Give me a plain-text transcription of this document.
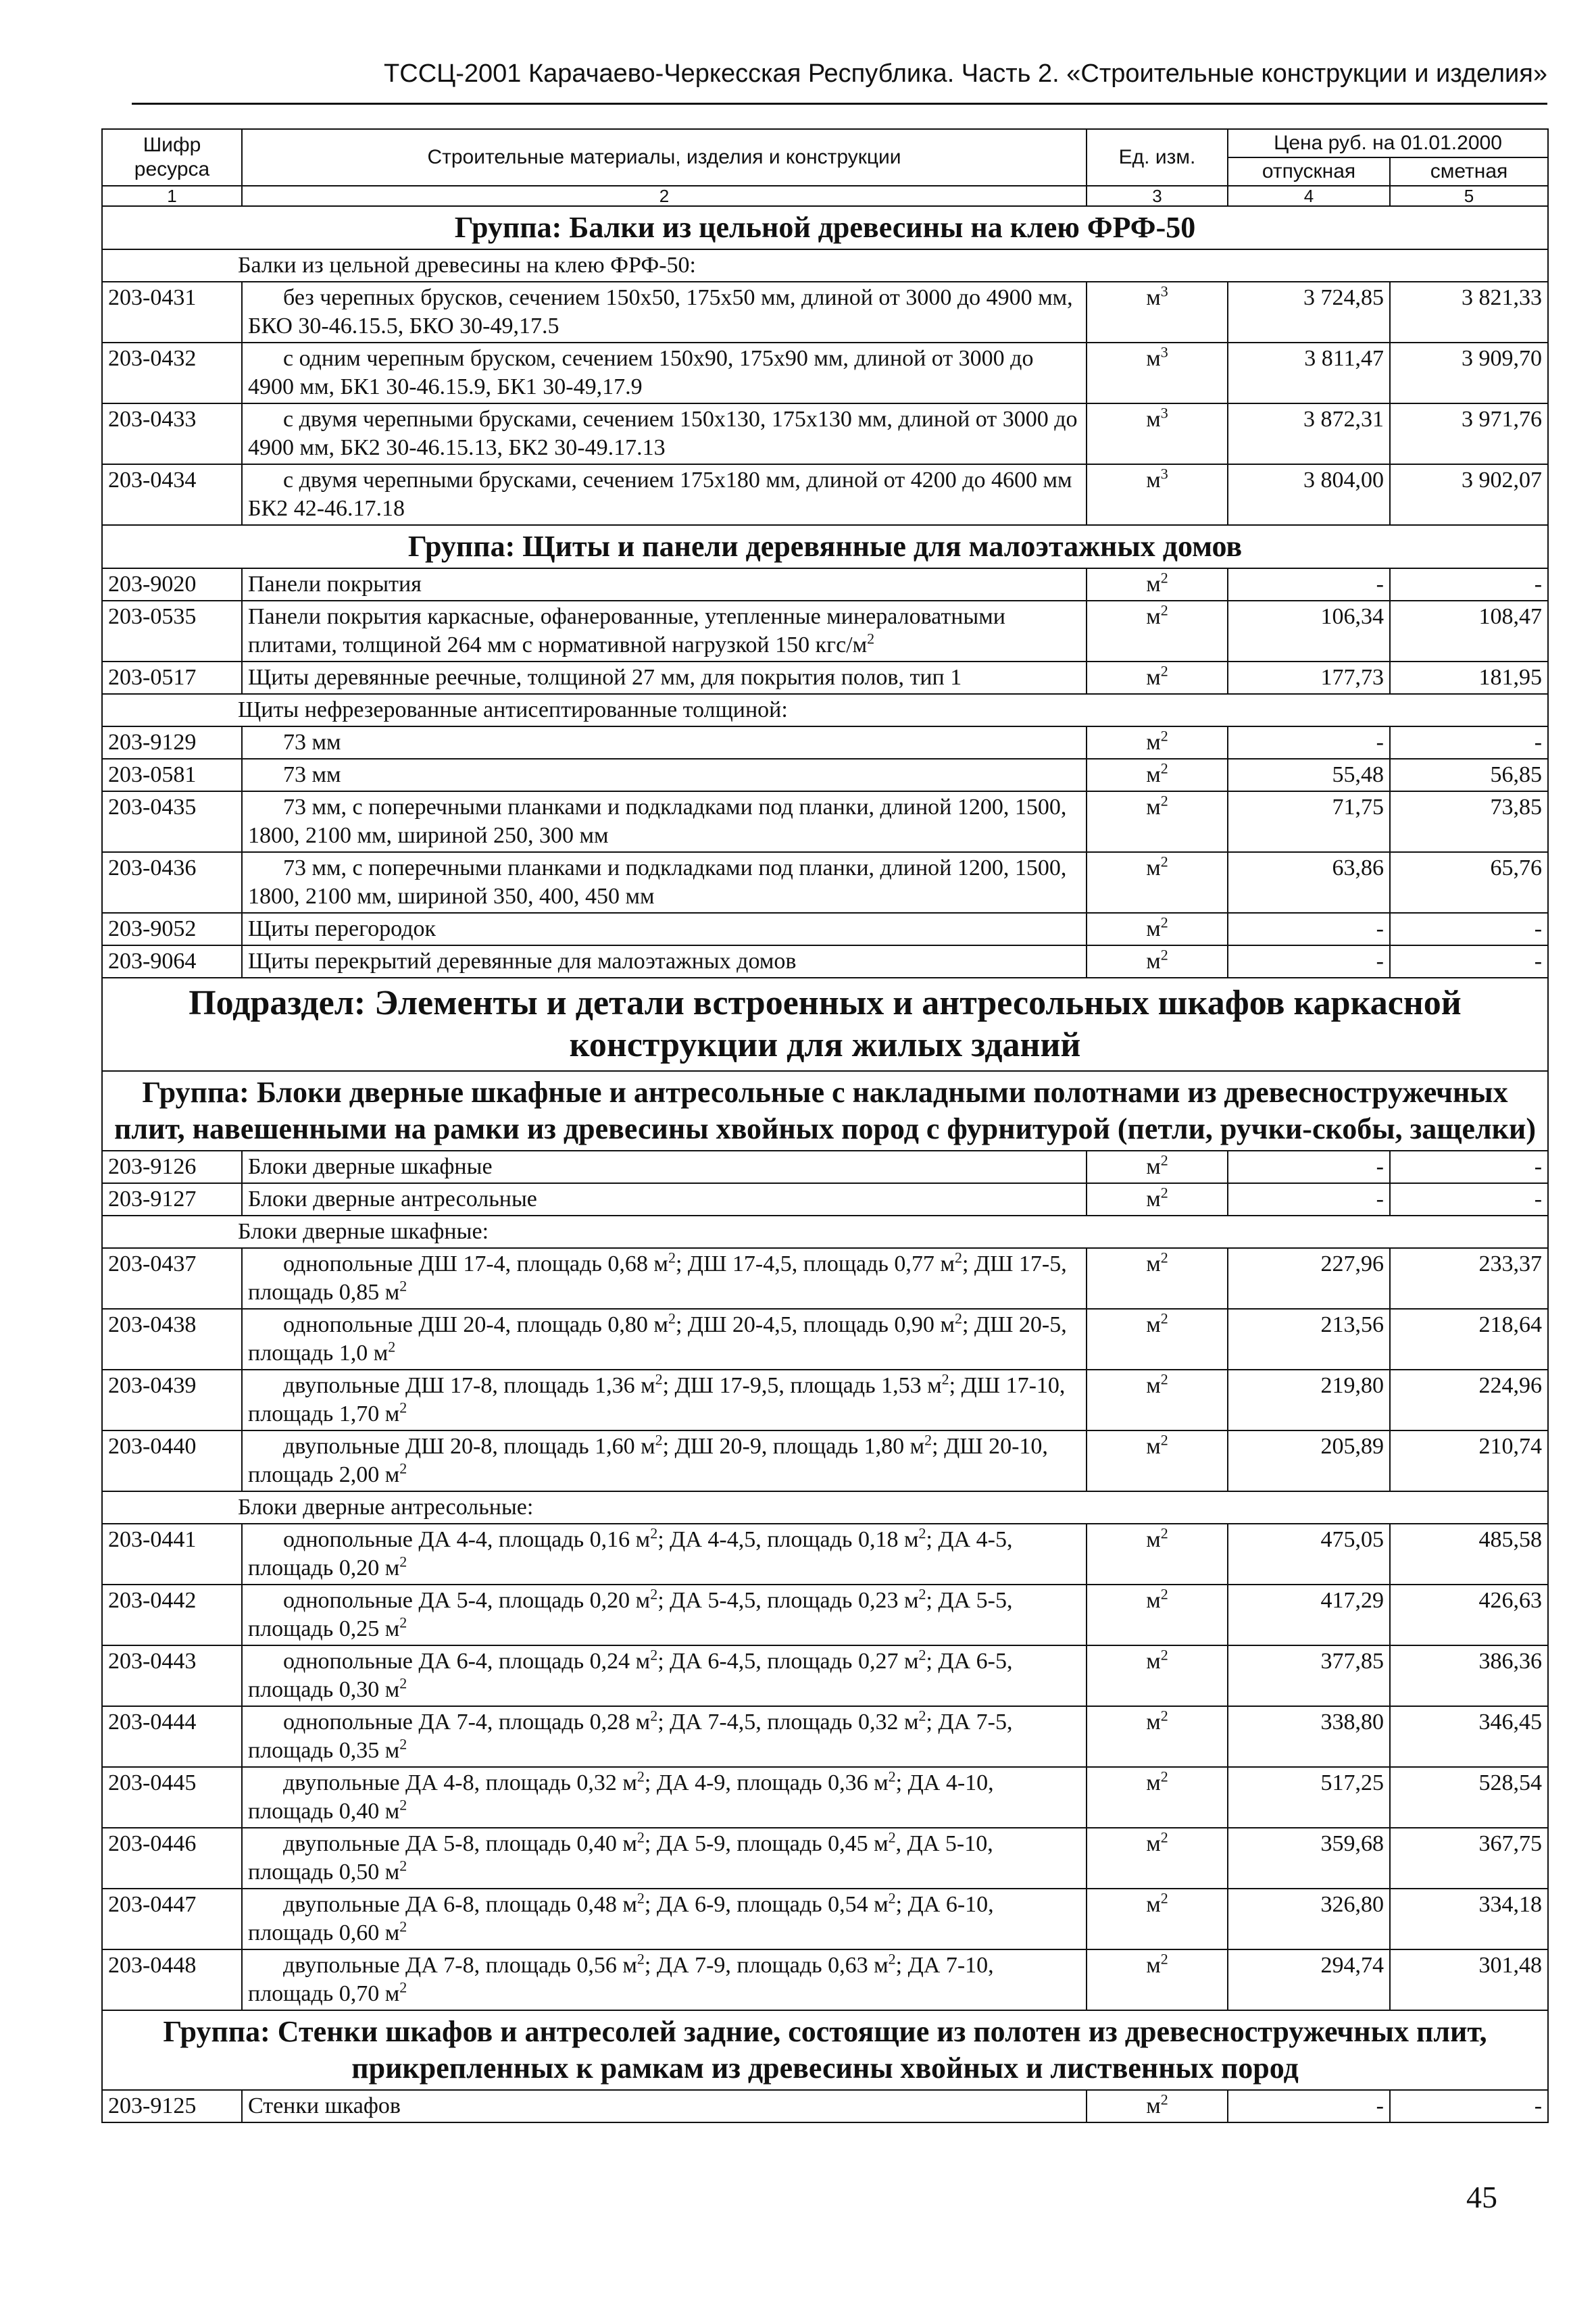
ТССЦ-2001 Карачаево-Черкесская Республика. Часть 2. «Строительные конструкции и изделия»
Шифр ресурса	Строительные материалы, изделия и конструкции	Ед. изм.	Цена руб. на 01.01.2000	
			отпускная	сметная
1	2	3	4	5
Группа: Балки из цельной древесины на клею ФРФ-50				
Балки из цельной древесины на клею ФРФ-50:				
203-0431	без черепных брусков, сечением 150х50, 175х50 мм, длиной от 3000 до 4900 мм, БКО 30-46.15.5, БКО 30-49,17.5	$м^3$	3 724,85	3 821,33
203-0432	с одним черепным бруском, сечением 150х90, 175х90 мм, длиной от 3000 до 4900 мм, БК1 30-46.15.9, БК1 30-49,17.9	$м^3$	3 811,47	3 909,70
203-0433	с двумя черепными брусками, сечением 150х130, 175х130 мм, длиной от 3000 до 4900 мм, БК2 30-46.15.13, БК2 30-49.17.13	$м^3$	3 872,31	3 971,76
203-0434	с двумя черепными брусками, сечением 175х180 мм, длиной от 4200 до 4600 мм БК2 42-46.17.18	$м^3$	3 804,00	3 902,07
Группа: Щиты и панели деревянные для малоэтажных домов				
203-9020	Панели покрытия	$м^2$	-	-
203-0535	Панели покрытия каркасные, офанерованные, утепленные минераловатными плитами, толщиной 264 мм с нормативной нагрузкой 150 кгс/$м^2$	$м^2$	106,34	108,47
203-0517	Щиты деревянные реечные, толщиной 27 мм, для покрытия полов, тип 1	$м^2$	177,73	181,95
Щиты нефрезерованные антисептированные толщиной:				
203-9129	73 мм	$м^2$	-	-
203-0581	73 мм	$м^2$	55,48	56,85
203-0435	73 мм, с поперечными планками и подкладками под планки, длиной 1200, 1500, 1800, 2100 мм, шириной 250, 300 мм	$м^2$	71,75	73,85
203-0436	73 мм, с поперечными планками и подкладками под планки, длиной 1200, 1500, 1800, 2100 мм, шириной 350, 400, 450 мм	$м^2$	63,86	65,76
203-9052	Щиты перегородок	$м^2$	-	-
203-9064	Щиты перекрытий деревянные для малоэтажных домов	$м^2$	-	-
Подраздел: Элементы и детали встроенных и антресольных шкафов каркасной конструкции для жилых зданий				
Группа: Блоки дверные шкафные и антресольные с накладными полотнами из древесностружечных плит, навешенными на рамки из древесины хвойных пород с фурнитурой (петли, ручки-скобы, защелки)				
203-9126	Блоки дверные шкафные	$м^2$	-	-
203-9127	Блоки дверные антресольные	$м^2$	-	-
Блоки дверные шкафные:				
203-0437	однопольные ДШ 17-4, площадь 0,68 $м^2$; ДШ 17-4,5, площадь 0,77 $м^2$; ДШ 17-5, площадь 0,85 $м^2$	$м^2$	227,96	233,37
203-0438	однопольные ДШ 20-4, площадь 0,80 $м^2$; ДШ 20-4,5, площадь 0,90 $м^2$; ДШ 20-5, площадь 1,0 $м^2$	$м^2$	213,56	218,64
203-0439	двупольные ДШ 17-8, площадь 1,36 $м^2$; ДШ 17-9,5, площадь 1,53 $м^2$; ДШ 17-10, площадь 1,70 $м^2$	$м^2$	219,80	224,96
203-0440	двупольные ДШ 20-8, площадь 1,60 $м^2$; ДШ 20-9, площадь 1,80 $м^2$; ДШ 20-10, площадь 2,00 $м^2$	$м^2$	205,89	210,74
Блоки дверные антресольные:				
203-0441	однопольные ДА 4-4, площадь 0,16 $м^2$; ДА 4-4,5, площадь 0,18 $м^2$; ДА 4-5, площадь 0,20 $м^2$	$м^2$	475,05	485,58
203-0442	однопольные ДА 5-4, площадь 0,20 $м^2$; ДА 5-4,5, площадь 0,23 $м^2$; ДА 5-5, площадь 0,25 $м^2$	$м^2$	417,29	426,63
203-0443	однопольные ДА 6-4, площадь 0,24 $м^2$; ДА 6-4,5, площадь 0,27 $м^2$; ДА 6-5, площадь 0,30 $м^2$	$м^2$	377,85	386,36
203-0444	однопольные ДА 7-4, площадь 0,28 $м^2$; ДА 7-4,5, площадь 0,32 $м^2$; ДА 7-5, площадь 0,35 $м^2$	$м^2$	338,80	346,45
203-0445	двупольные ДА 4-8, площадь 0,32 $м^2$; ДА 4-9, площадь 0,36 $м^2$; ДА 4-10, площадь 0,40 $м^2$	$м^2$	517,25	528,54
203-0446	двупольные ДА 5-8, площадь 0,40 $м^2$; ДА 5-9, площадь 0,45 $м^2$, ДА 5-10, площадь 0,50 $м^2$	$м^2$	359,68	367,75
203-0447	двупольные ДА 6-8, площадь 0,48 $м^2$; ДА 6-9, площадь 0,54 $м^2$; ДА 6-10, площадь 0,60 $м^2$	$м^2$	326,80	334,18
203-0448	двупольные ДА 7-8, площадь 0,56 $м^2$; ДА 7-9, площадь 0,63 $м^2$; ДА 7-10, площадь 0,70 $м^2$	$м^2$	294,74	301,48
Группа: Стенки шкафов и антресолей задние, состоящие из полотен из древесностружечных плит, прикрепленных к рамкам из древесины хвойных и лиственных пород				
203-9125	Стенки шкафов	$м^2$	-	-
45
